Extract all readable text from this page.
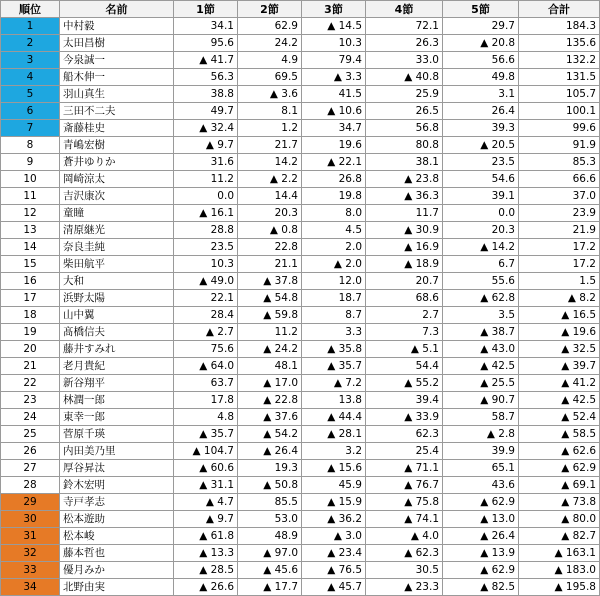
順位	名前	1節	2節	3節	4節	5節	合計
1	中村毅	34.1	62.9	▲ 14.5	72.1	29.7	184.3
2	太田昌樹	95.6	24.2	10.3	26.3	▲ 20.8	135.6
3	今泉誠一	▲ 41.7	4.9	79.4	33.0	56.6	132.2
4	船木伸一	56.3	69.5	▲ 3.3	▲ 40.8	49.8	131.5
5	羽山真生	38.8	▲ 3.6	41.5	25.9	3.1	105.7
6	三田不二夫	49.7	8.1	▲ 10.6	26.5	26.4	100.1
7	斎藤桂史	▲ 32.4	1.2	34.7	56.8	39.3	99.6
8	青嶋宏樹	▲ 9.7	21.7	19.6	80.8	▲ 20.5	91.9
9	蒼井ゆりか	31.6	14.2	▲ 22.1	38.1	23.5	85.3
10	岡崎涼太	11.2	▲ 2.2	26.8	▲ 23.8	54.6	66.6
11	吉沢康次	0.0	14.4	19.8	▲ 36.3	39.1	37.0
12	童瞳	▲ 16.1	20.3	8.0	11.7	0.0	23.9
13	清原継光	28.8	▲ 0.8	4.5	▲ 30.9	20.3	21.9
14	奈良圭純	23.5	22.8	2.0	▲ 16.9	▲ 14.2	17.2
15	柴田航平	10.3	21.1	▲ 2.0	▲ 18.9	6.7	17.2
16	大和	▲ 49.0	▲ 37.8	12.0	20.7	55.6	1.5
17	浜野太陽	22.1	▲ 54.8	18.7	68.6	▲ 62.8	▲ 8.2
18	山中翼	28.4	▲ 59.8	8.7	2.7	3.5	▲ 16.5
19	髙橋信夫	▲ 2.7	11.2	3.3	7.3	▲ 38.7	▲ 19.6
20	藤井すみれ	75.6	▲ 24.2	▲ 35.8	▲ 5.1	▲ 43.0	▲ 32.5
21	老月貴紀	▲ 64.0	48.1	▲ 35.7	54.4	▲ 42.5	▲ 39.7
22	新谷翔平	63.7	▲ 17.0	▲ 7.2	▲ 55.2	▲ 25.5	▲ 41.2
23	林潤一郎	17.8	▲ 22.8	13.8	39.4	▲ 90.7	▲ 42.5
24	東幸一郎	4.8	▲ 37.6	▲ 44.4	▲ 33.9	58.7	▲ 52.4
25	菅原千瑛	▲ 35.7	▲ 54.2	▲ 28.1	62.3	▲ 2.8	▲ 58.5
26	内田美乃里	▲ 104.7	▲ 26.4	3.2	25.4	39.9	▲ 62.6
27	厚谷昇汰	▲ 60.6	19.3	▲ 15.6	▲ 71.1	65.1	▲ 62.9
28	鈴木宏明	▲ 31.1	▲ 50.8	45.9	▲ 76.7	43.6	▲ 69.1
29	寺戸孝志	▲ 4.7	85.5	▲ 15.9	▲ 75.8	▲ 62.9	▲ 73.8
30	松本遊助	▲ 9.7	53.0	▲ 36.2	▲ 74.1	▲ 13.0	▲ 80.0
31	松本峻	▲ 61.8	48.9	▲ 3.0	▲ 4.0	▲ 26.4	▲ 82.7
32	藤本哲也	▲ 13.3	▲ 97.0	▲ 23.4	▲ 62.3	▲ 13.9	▲ 163.1
33	優月みか	▲ 28.5	▲ 45.6	▲ 76.5	30.5	▲ 62.9	▲ 183.0
34	北野由実	▲ 26.6	▲ 17.7	▲ 45.7	▲ 23.3	▲ 82.5	▲ 195.8
